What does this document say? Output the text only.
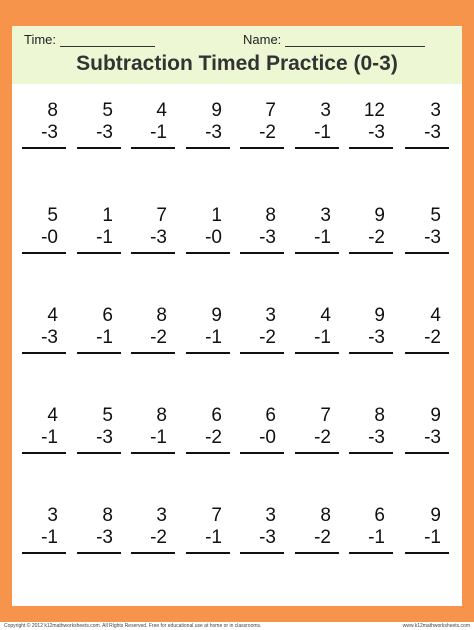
Time:	Name:
Subtraction Timed Practice (0-3)
8
-3
5
-3
4
-1
9
-3
7
-2
3
-1
12
-3
3
-3
5
-0
1
-1
7
-3
1
-0
8
-3
3
-1
9
-2
5
-3
4
-3
6
-1
8
-2
9
-1
3
-2
4
-1
9
-3
4
-2
4
-1
5
-3
8
-1
6
-2
6
-0
7
-2
8
-3
9
-3
3
-1
8
-3
3
-2
7
-1
3
-3
8
-2
6
-1
9
-1
Copyright © 2012 k12mathworksheets.com. All Rights Reserved. Free for educational use at home or in classrooms.	www.k12mathworksheets.com
